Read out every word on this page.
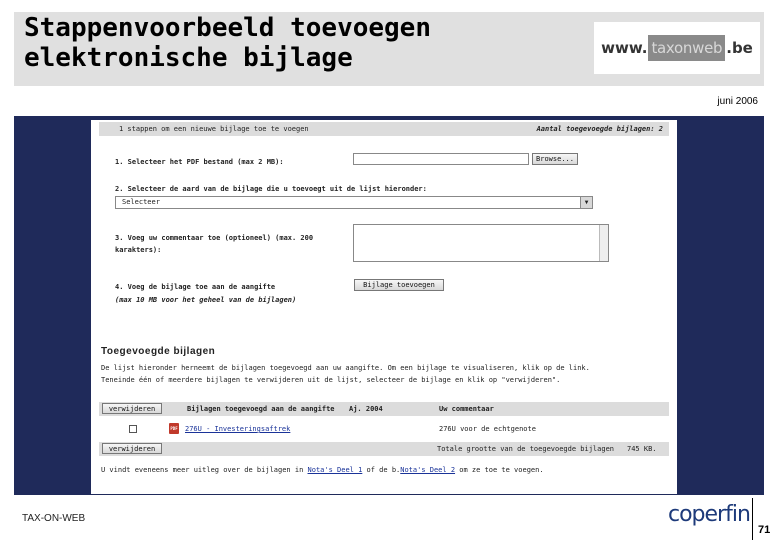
Stappenvoorbeeld toevoegen
elektronische bijlage	www. taxonweb .be
juni 2006
1 stappen om een nieuwe bijlage toe te voegen	Aantal toegevoegde bijlagen: 2
1. Selecteer het PDF bestand (max 2 MB):	Browse...
2. Selecteer de aard van de bijlage die u toevoegt uit de lijst hieronder:
Selecteer	▼
3. Voeg uw commentaar toe (optioneel) (max. 200
karakters):
4. Voeg de bijlage toe aan de aangifte
(max 10 MB voor het geheel van de bijlagen)
Bijlage toevoegen
Toegevoegde bijlagen
De lijst hieronder herneemt de bijlagen toegevoegd aan uw aangifte. Om een bijlage te visualiseren, klik op de link.
Teneinde één of meerdere bijlagen te verwijderen uit de lijst, selecteer de bijlage en klik op "verwijderen".
verwijderen	Bijlagen toegevoegd aan de aangifte Aj. 2004	Uw commentaar
PDF 276U - Investeringsaftrek	276U voor de echtgenote
verwijderen	Totale grootte van de toegevoegde bijlagen 745 KB.
U vindt eveneens meer uitleg over de bijlagen in Nota's Deel 1 of de b.Nota's Deel 2 om ze toe te voegen.
TAX-ON-WEB	coperfin
71
